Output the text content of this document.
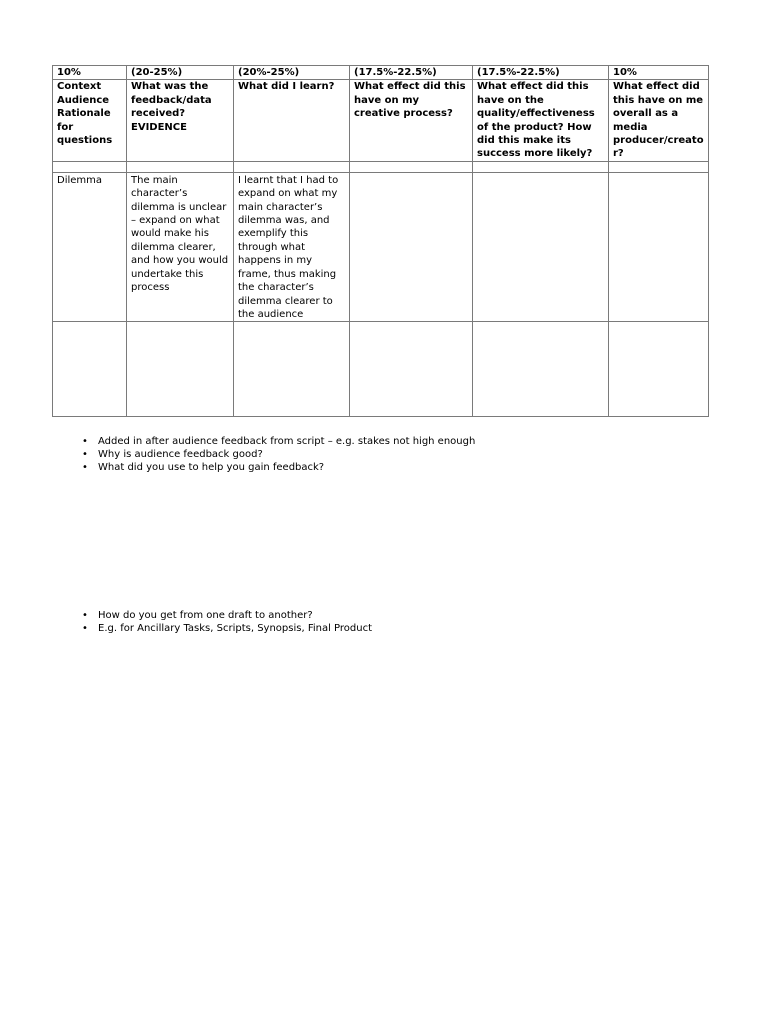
10%	(20-25%)	(20%-25%)	(17.5%-22.5%)	(17.5%-22.5%)	10%
Context Audience Rationale for questions	What was the feedback/data received? EVIDENCE	What did I learn?	What effect did this have on my creative process?	What effect did this have on the quality/effectiveness of the product? How did this make its success more likely?	What effect did this have on me overall as a media producer/creator?

Dilemma	The main character’s dilemma is unclear – expand on what would make his dilemma clearer, and how you would undertake this process	I learnt that I had to expand on what my main character’s dilemma was, and exemplify this through what happens in my frame, thus making the character’s dilemma clearer to the audience			

• Added in after audience feedback from script – e.g. stakes not high enough
• Why is audience feedback good?
• What did you use to help you gain feedback?
• How do you get from one draft to another?
• E.g. for Ancillary Tasks, Scripts, Synopsis, Final Product
